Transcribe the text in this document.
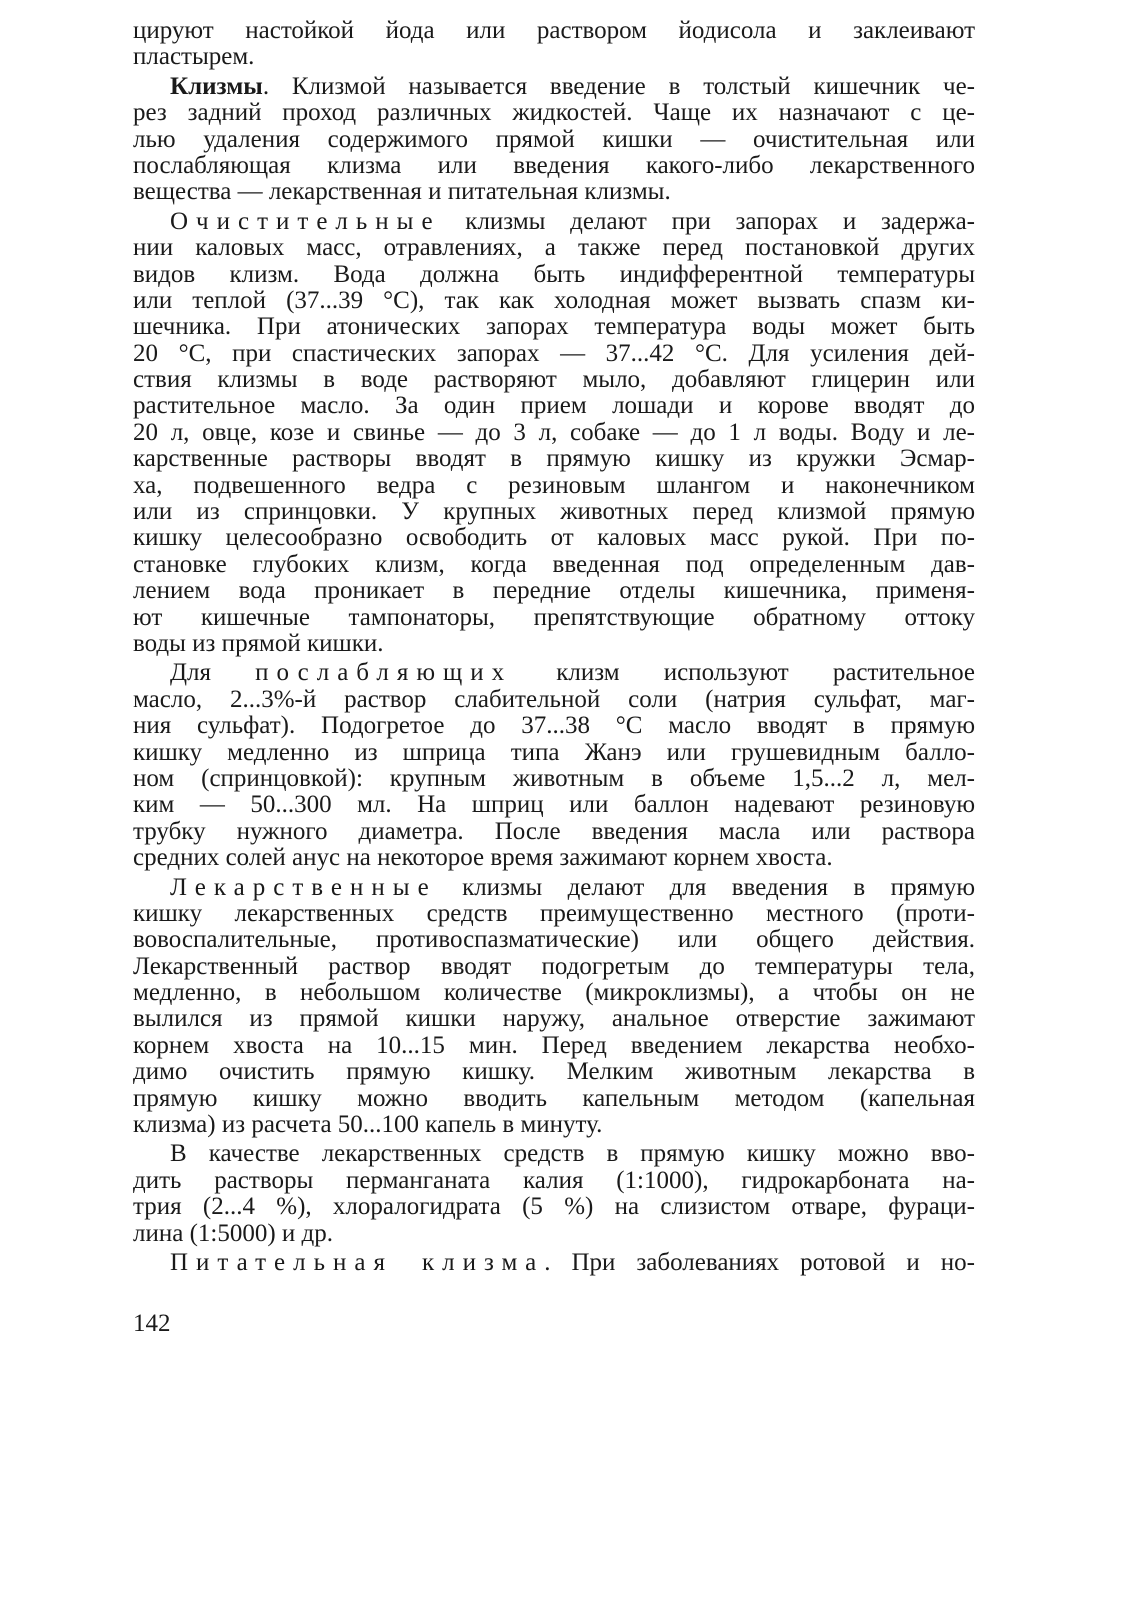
цируют настойкой йода или раствором йодисола и заклеивают
пластырем.
Клизмы. Клизмой называется введение в толстый кишечник че-
рез задний проход различных жидкостей. Чаще их назначают с це-
лью удаления содержимого прямой кишки — очистительная или
послабляющая клизма или введения какого-либо лекарственного
вещества — лекарственная и питательная клизмы.
Очистительные клизмы делают при запорах и задержа-
нии каловых масс, отравлениях, а также перед постановкой других
видов клизм. Вода должна быть индифферентной температуры
или теплой (37...39 °С), так как холодная может вызвать спазм ки-
шечника. При атонических запорах температура воды может быть
20 °С, при спастических запорах — 37...42 °С. Для усиления дей-
ствия клизмы в воде растворяют мыло, добавляют глицерин или
растительное масло. За один прием лошади и корове вводят до
20 л, овце, козе и свинье — до 3 л, собаке — до 1 л воды. Воду и ле-
карственные растворы вводят в прямую кишку из кружки Эсмар-
ха, подвешенного ведра с резиновым шлангом и наконечником
или из спринцовки. У крупных животных перед клизмой прямую
кишку целесообразно освободить от каловых масс рукой. При по-
становке глубоких клизм, когда введенная под определенным дав-
лением вода проникает в передние отделы кишечника, применя-
ют кишечные тампонаторы, препятствующие обратному оттоку
воды из прямой кишки.
Для послабляющих клизм используют растительное
масло, 2...3%-й раствор слабительной соли (натрия сульфат, маг-
ния сульфат). Подогретое до 37...38 °С масло вводят в прямую
кишку медленно из шприца типа Жанэ или грушевидным балло-
ном (спринцовкой): крупным животным в объеме 1,5...2 л, мел-
ким — 50...300 мл. На шприц или баллон надевают резиновую
трубку нужного диаметра. После введения масла или раствора
средних солей анус на некоторое время зажимают корнем хвоста.
Лекарственные клизмы делают для введения в прямую
кишку лекарственных средств преимущественно местного (проти-
вовоспалительные, противоспазматические) или общего действия.
Лекарственный раствор вводят подогретым до температуры тела,
медленно, в небольшом количестве (микроклизмы), а чтобы он не
вылился из прямой кишки наружу, анальное отверстие зажимают
корнем хвоста на 10...15 мин. Перед введением лекарства необхо-
димо очистить прямую кишку. Мелким животным лекарства в
прямую кишку можно вводить капельным методом (капельная
клизма) из расчета 50...100 капель в минуту.
В качестве лекарственных средств в прямую кишку можно вво-
дить растворы перманганата калия (1:1000), гидрокарбоната на-
трия (2...4 %), хлоралогидрата (5 %) на слизистом отваре, фураци-
лина (1:5000) и др.
Питательная клизма. При заболеваниях ротовой и но-
142
